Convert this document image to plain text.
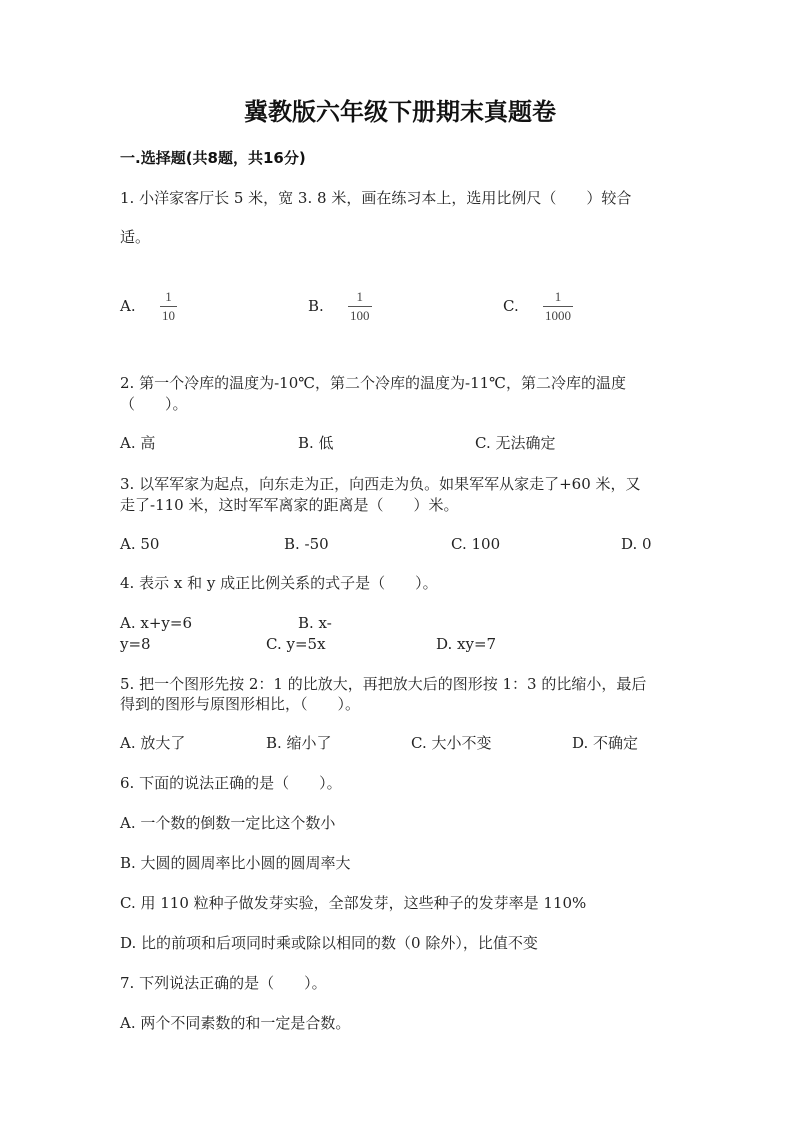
冀教版六年级下册期末真题卷
一.选择题(共8题，共16分)
1. 小洋家客厅长 5 米，宽 3. 8 米，画在练习本上，选用比例尺（　　）较合
适。
A.
1
10
B.
1
100
C.
1
1000
2. 第一个冷库的温度为-10℃，第二个冷库的温度为-11℃，第二冷库的温度
（　　）。
A. 高	B. 低	C. 无法确定
3. 以军军家为起点，向东走为正，向西走为负。如果军军从家走了+60 米，又
走了-110 米，这时军军离家的距离是（　　）米。
A. 50	B. -50	C. 100	D. 0
4. 表示 x 和 y 成正比例关系的式子是（　　）。
A. x+y=6	B. x-
y=8	C. y=5x	D. xy=7
5. 把一个图形先按 2：1 的比放大，再把放大后的图形按 1：3 的比缩小，最后
得到的图形与原图形相比，（　　）。
A. 放大了	B. 缩小了	C. 大小不变	D. 不确定
6. 下面的说法正确的是（　　）。
A. 一个数的倒数一定比这个数小
B. 大圆的圆周率比小圆的圆周率大
C. 用 110 粒种子做发芽实验，全部发芽，这些种子的发芽率是 110%
D. 比的前项和后项同时乘或除以相同的数（0 除外），比值不变
7. 下列说法正确的是（　　）。
A. 两个不同素数的和一定是合数。
